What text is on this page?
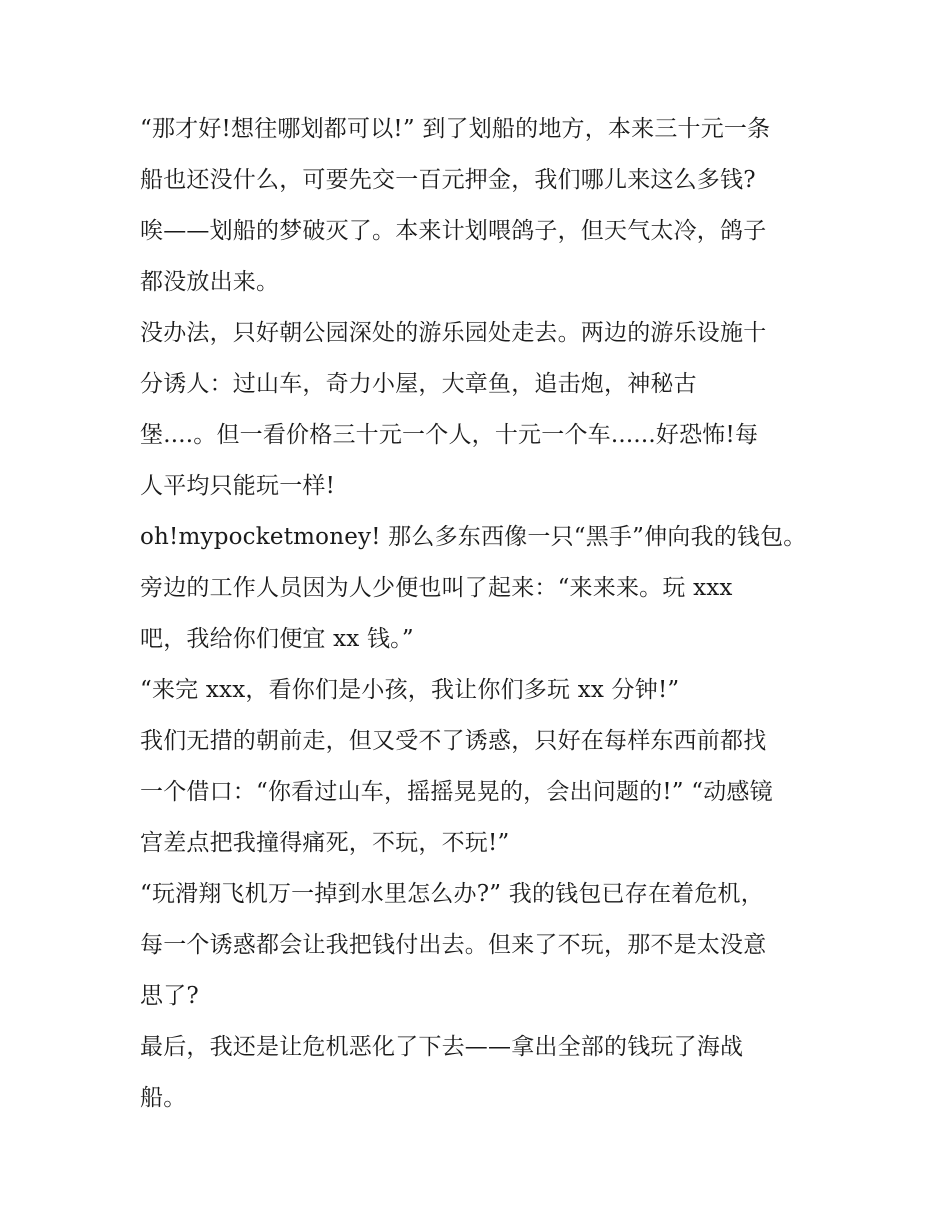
“那才好!想往哪划都可以!” 到了划船的地方，本来三十元一条
船也还没什么，可要先交一百元押金，我们哪儿来这么多钱?
唉——划船的梦破灭了。本来计划喂鸽子，但天气太冷，鸽子
都没放出来。
没办法，只好朝公园深处的游乐园处走去。两边的游乐设施十
分诱人：过山车，奇力小屋，大章鱼，追击炮，神秘古
堡....。但一看价格三十元一个人，十元一个车......好恐怖!每
人平均只能玩一样!
oh!mypocketmoney! 那么多东西像一只“黑手”伸向我的钱包。
旁边的工作人员因为人少便也叫了起来：“来来来。玩 xxx
吧，我给你们便宜 xx 钱。”
“来完 xxx，看你们是小孩，我让你们多玩 xx 分钟!”
我们无措的朝前走，但又受不了诱惑，只好在每样东西前都找
一个借口：“你看过山车，摇摇晃晃的，会出问题的!” “动感镜
宫差点把我撞得痛死，不玩，不玩!”
“玩滑翔飞机万一掉到水里怎么办?” 我的钱包已存在着危机，
每一个诱惑都会让我把钱付出去。但来了不玩，那不是太没意
思了?
最后，我还是让危机恶化了下去——拿出全部的钱玩了海战
船。
